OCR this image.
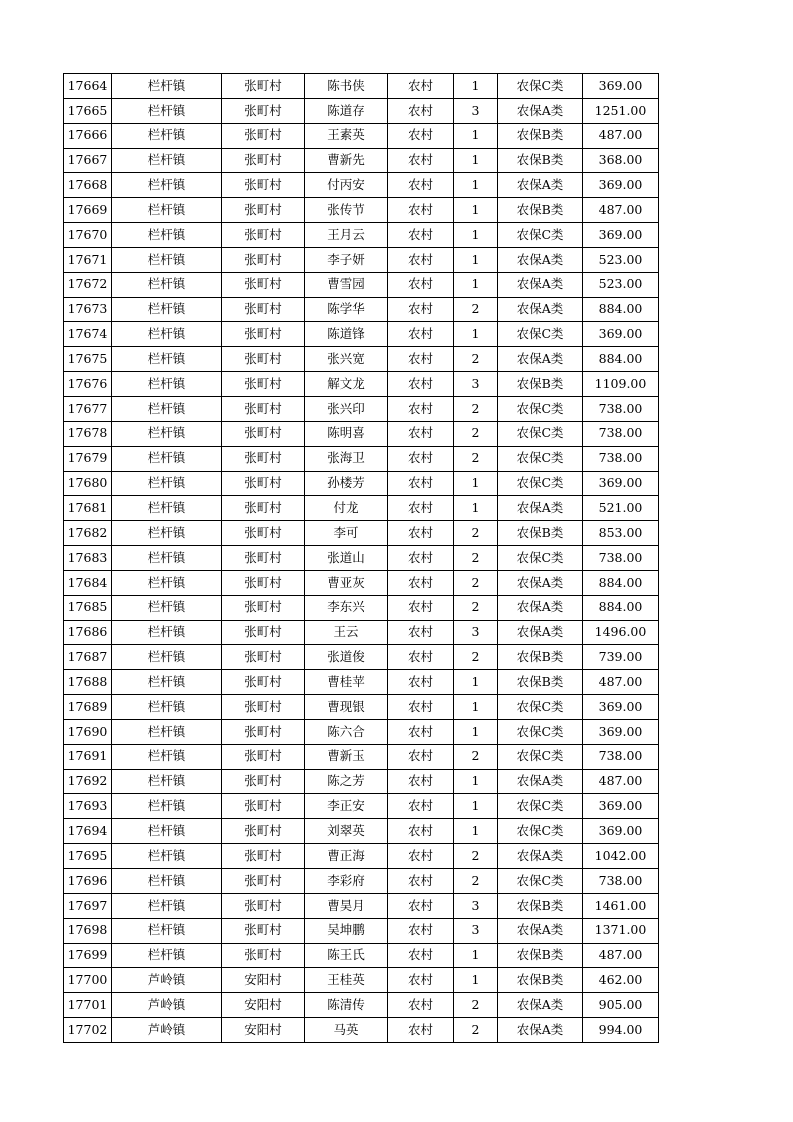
17664	栏杆镇	张町村	陈书侠	农村	1	农保C类	369.00
17665	栏杆镇	张町村	陈道存	农村	3	农保A类	1251.00
17666	栏杆镇	张町村	王素英	农村	1	农保B类	487.00
17667	栏杆镇	张町村	曹新先	农村	1	农保B类	368.00
17668	栏杆镇	张町村	付丙安	农村	1	农保A类	369.00
17669	栏杆镇	张町村	张传节	农村	1	农保B类	487.00
17670	栏杆镇	张町村	王月云	农村	1	农保C类	369.00
17671	栏杆镇	张町村	李子妍	农村	1	农保A类	523.00
17672	栏杆镇	张町村	曹雪园	农村	1	农保A类	523.00
17673	栏杆镇	张町村	陈学华	农村	2	农保A类	884.00
17674	栏杆镇	张町村	陈道锋	农村	1	农保C类	369.00
17675	栏杆镇	张町村	张兴宽	农村	2	农保A类	884.00
17676	栏杆镇	张町村	解文龙	农村	3	农保B类	1109.00
17677	栏杆镇	张町村	张兴印	农村	2	农保C类	738.00
17678	栏杆镇	张町村	陈明喜	农村	2	农保C类	738.00
17679	栏杆镇	张町村	张海卫	农村	2	农保C类	738.00
17680	栏杆镇	张町村	孙楼芳	农村	1	农保C类	369.00
17681	栏杆镇	张町村	付龙	农村	1	农保A类	521.00
17682	栏杆镇	张町村	李可	农村	2	农保B类	853.00
17683	栏杆镇	张町村	张道山	农村	2	农保C类	738.00
17684	栏杆镇	张町村	曹亚灰	农村	2	农保A类	884.00
17685	栏杆镇	张町村	李东兴	农村	2	农保A类	884.00
17686	栏杆镇	张町村	王云	农村	3	农保A类	1496.00
17687	栏杆镇	张町村	张道俊	农村	2	农保B类	739.00
17688	栏杆镇	张町村	曹桂苹	农村	1	农保B类	487.00
17689	栏杆镇	张町村	曹现银	农村	1	农保C类	369.00
17690	栏杆镇	张町村	陈六合	农村	1	农保C类	369.00
17691	栏杆镇	张町村	曹新玉	农村	2	农保C类	738.00
17692	栏杆镇	张町村	陈之芳	农村	1	农保A类	487.00
17693	栏杆镇	张町村	李正安	农村	1	农保C类	369.00
17694	栏杆镇	张町村	刘翠英	农村	1	农保C类	369.00
17695	栏杆镇	张町村	曹正海	农村	2	农保A类	1042.00
17696	栏杆镇	张町村	李彩府	农村	2	农保C类	738.00
17697	栏杆镇	张町村	曹昊月	农村	3	农保B类	1461.00
17698	栏杆镇	张町村	吴坤鹏	农村	3	农保A类	1371.00
17699	栏杆镇	张町村	陈王氏	农村	1	农保B类	487.00
17700	芦岭镇	安阳村	王桂英	农村	1	农保B类	462.00
17701	芦岭镇	安阳村	陈清传	农村	2	农保A类	905.00
17702	芦岭镇	安阳村	马英	农村	2	农保A类	994.00
